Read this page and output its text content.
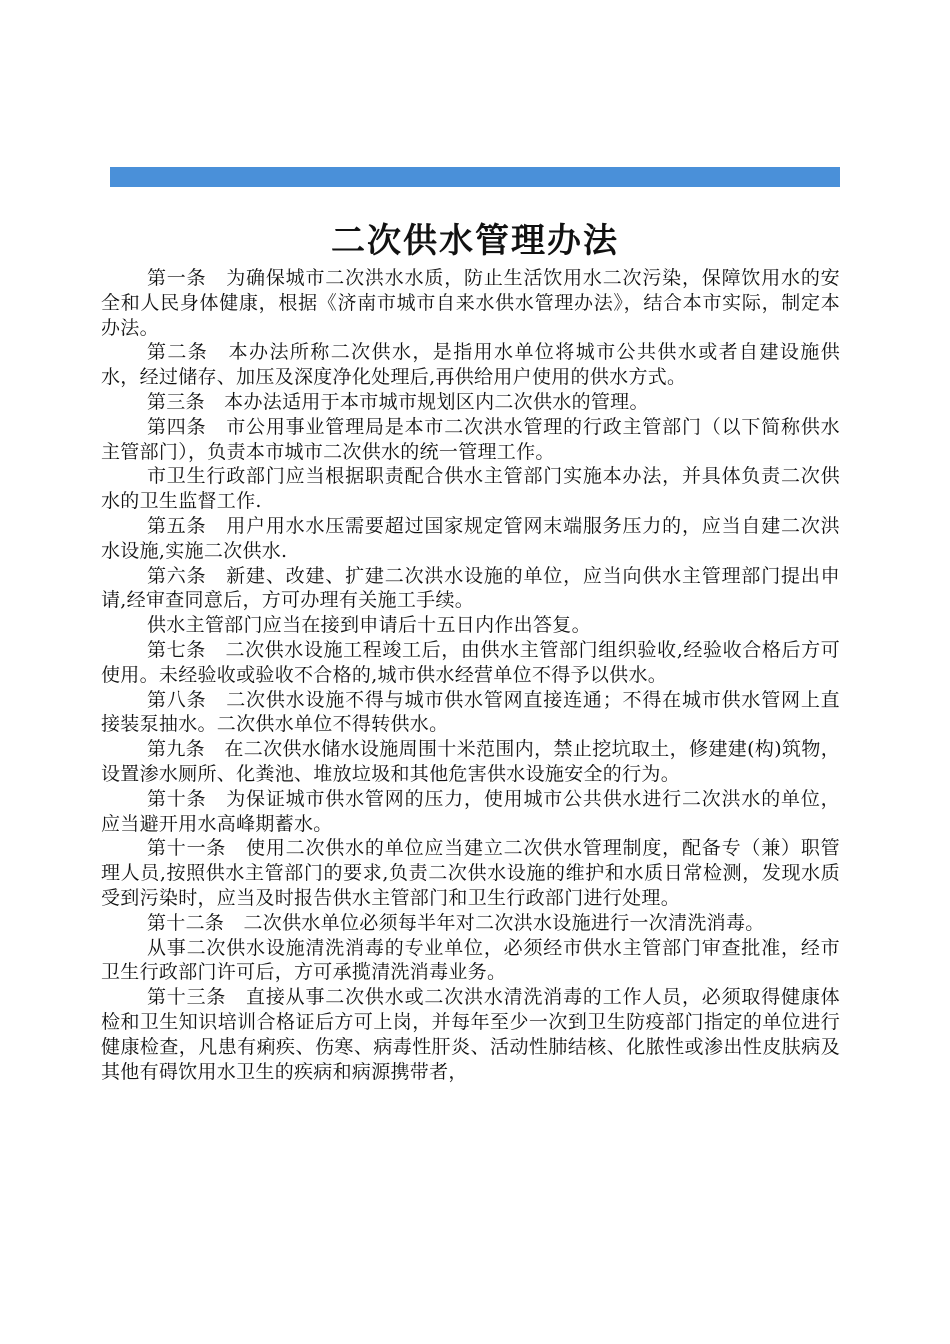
二次供水管理办法

第一条　为确保城市二次洪水水质，防止生活饮用水二次污染，保障饮用水的安全和人民身体健康，根据《济南市城市自来水供水管理办法》，结合本市实际，制定本办法。

第二条　本办法所称二次供水，是指用水单位将城市公共供水或者自建设施供水，经过储存、加压及深度净化处理后,再供给用户使用的供水方式。

第三条　本办法适用于本市城市规划区内二次供水的管理。

第四条　市公用事业管理局是本市二次洪水管理的行政主管部门（以下简称供水主管部门），负责本市城市二次供水的统一管理工作。

市卫生行政部门应当根据职责配合供水主管部门实施本办法，并具体负责二次供水的卫生监督工作.

第五条　用户用水水压需要超过国家规定管网末端服务压力的，应当自建二次洪水设施,实施二次供水.

第六条　新建、改建、扩建二次洪水设施的单位，应当向供水主管理部门提出申请,经审查同意后，方可办理有关施工手续。

供水主管部门应当在接到申请后十五日内作出答复。

第七条　二次供水设施工程竣工后，由供水主管部门组织验收,经验收合格后方可使用。未经验收或验收不合格的,城市供水经营单位不得予以供水。

第八条　二次供水设施不得与城市供水管网直接连通；不得在城市供水管网上直接装泵抽水。二次供水单位不得转供水。

第九条　在二次供水储水设施周围十米范围内，禁止挖坑取土，修建建(构)筑物，设置渗水厕所、化粪池、堆放垃圾和其他危害供水设施安全的行为。

第十条　为保证城市供水管网的压力，使用城市公共供水进行二次洪水的单位，应当避开用水高峰期蓄水。

第十一条　使用二次供水的单位应当建立二次供水管理制度，配备专（兼）职管理人员,按照供水主管部门的要求,负责二次供水设施的维护和水质日常检测，发现水质受到污染时，应当及时报告供水主管部门和卫生行政部门进行处理。

第十二条　二次供水单位必须每半年对二次洪水设施进行一次清洗消毒。

从事二次供水设施清洗消毒的专业单位，必须经市供水主管部门审查批准，经市卫生行政部门许可后，方可承揽清洗消毒业务。

第十三条　直接从事二次供水或二次洪水清洗消毒的工作人员，必须取得健康体检和卫生知识培训合格证后方可上岗，并每年至少一次到卫生防疫部门指定的单位进行健康检查，凡患有痢疾、伤寒、病毒性肝炎、活动性肺结核、化脓性或渗出性皮肤病及其他有碍饮用水卫生的疾病和病源携带者，
